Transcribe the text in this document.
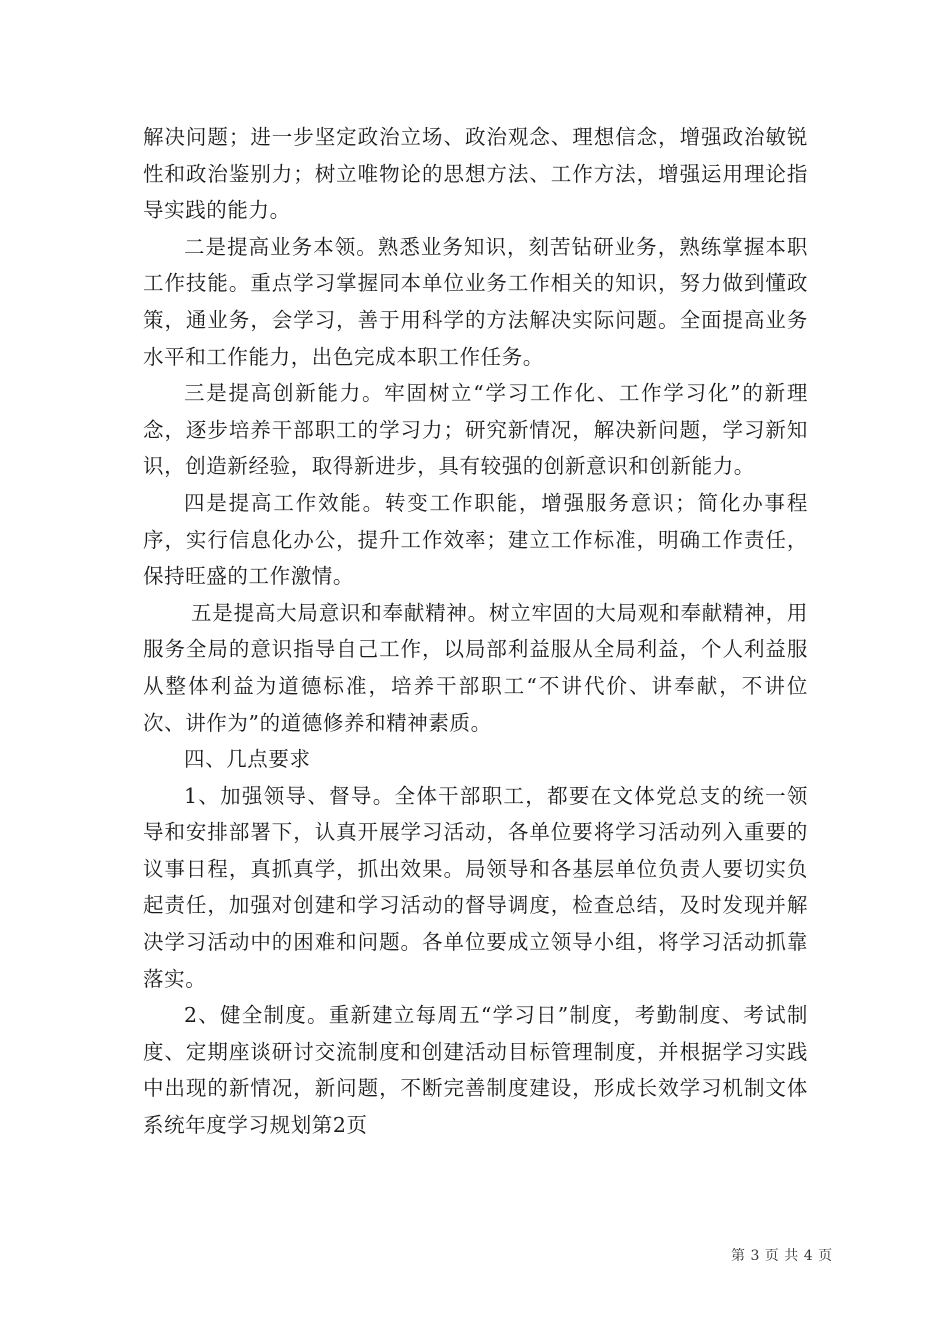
解决问题；进一步坚定政治立场、政治观念、理想信念，增强政治敏锐性和政治鉴别力；树立唯物论的思想方法、工作方法，增强运用理论指导实践的能力。

二是提高业务本领。熟悉业务知识，刻苦钻研业务，熟练掌握本职工作技能。重点学习掌握同本单位业务工作相关的知识，努力做到懂政策，通业务，会学习，善于用科学的方法解决实际问题。全面提高业务水平和工作能力，出色完成本职工作任务。

三是提高创新能力。牢固树立“学习工作化、工作学习化”的新理念，逐步培养干部职工的学习力；研究新情况，解决新问题，学习新知识，创造新经验，取得新进步，具有较强的创新意识和创新能力。

四是提高工作效能。转变工作职能，增强服务意识；简化办事程序，实行信息化办公，提升工作效率；建立工作标准，明确工作责任，保持旺盛的工作激情。

五是提高大局意识和奉献精神。树立牢固的大局观和奉献精神，用服务全局的意识指导自己工作，以局部利益服从全局利益，个人利益服从整体利益为道德标准，培养干部职工“不讲代价、讲奉献，不讲位次、讲作为”的道德修养和精神素质。

四、几点要求

1、加强领导、督导。全体干部职工，都要在文体党总支的统一领导和安排部署下，认真开展学习活动，各单位要将学习活动列入重要的议事日程，真抓真学，抓出效果。局领导和各基层单位负责人要切实负起责任，加强对创建和学习活动的督导调度，检查总结，及时发现并解决学习活动中的困难和问题。各单位要成立领导小组，将学习活动抓靠落实。

2、健全制度。重新建立每周五“学习日”制度，考勤制度、考试制度、定期座谈研讨交流制度和创建活动目标管理制度，并根据学习实践中出现的新情况，新问题，不断完善制度建设，形成长效学习机制文体系统年度学习规划第2页

第 3 页 共 4 页
